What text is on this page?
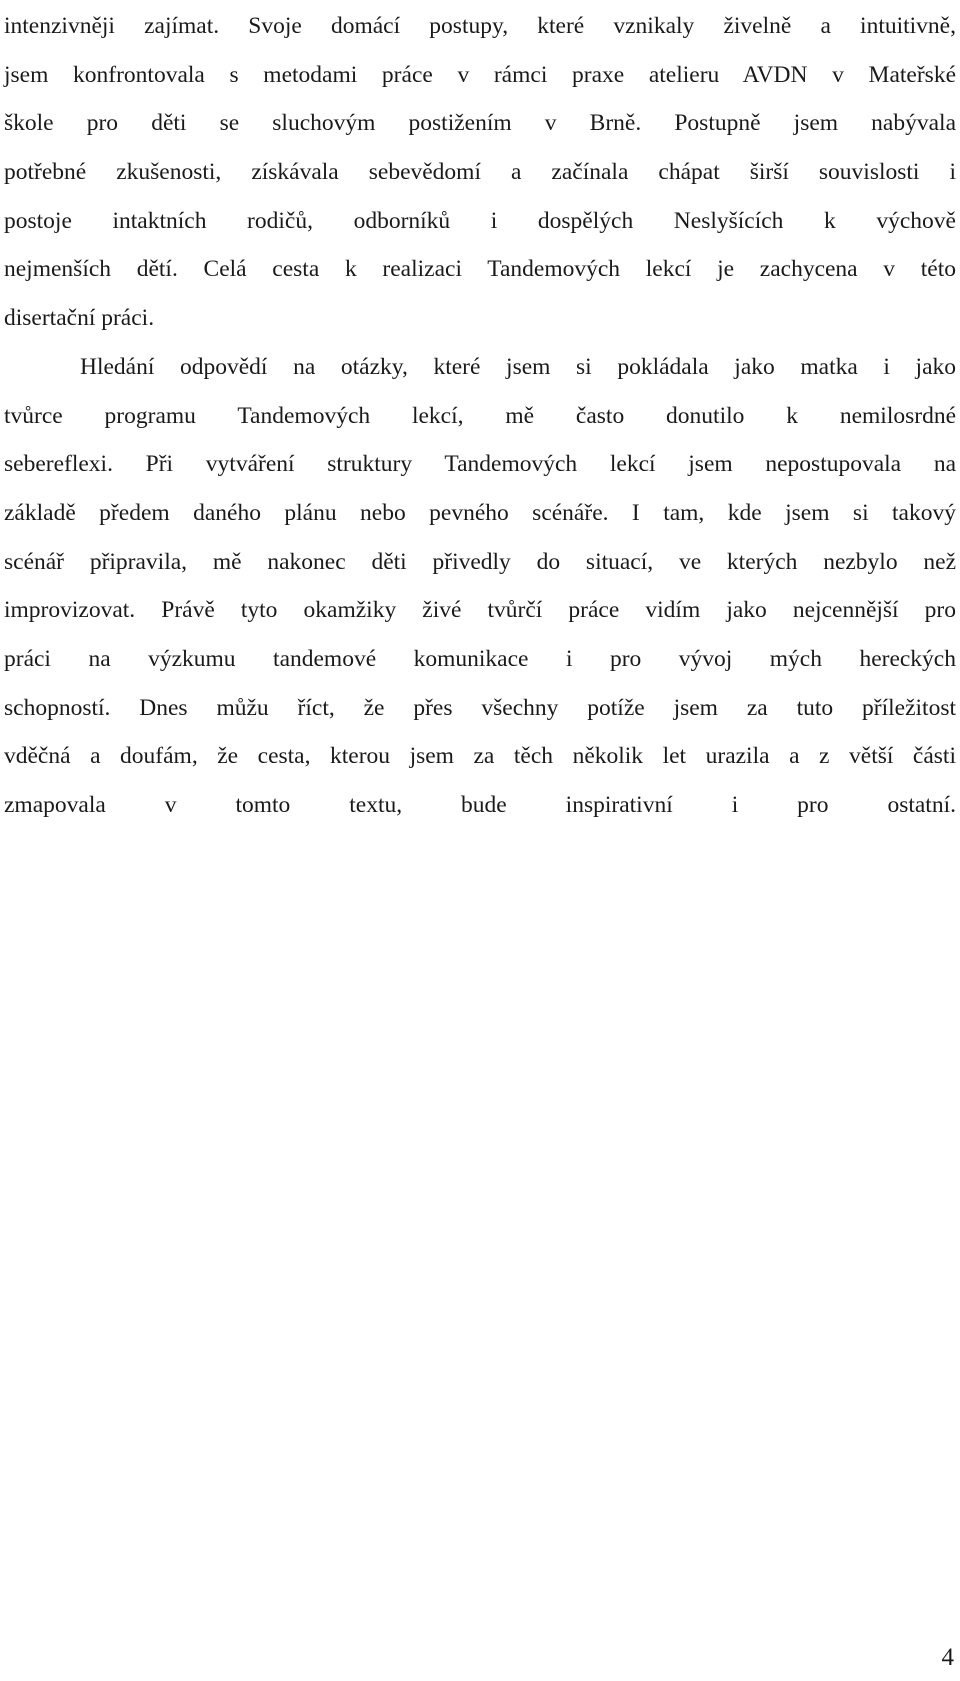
intenzivněji zajímat. Svoje domácí postupy, které vznikaly živelně a intuitivně,
jsem konfrontovala s metodami práce v rámci praxe atelieru AVDN v Mateřské
škole pro děti se sluchovým postižením v Brně. Postupně jsem nabývala
potřebné zkušenosti, získávala sebevědomí a začínala chápat širší souvislosti i
postoje intaktních rodičů, odborníků i dospělých Neslyšících k výchově
nejmenších dětí. Celá cesta k realizaci Tandemových lekcí je zachycena v této
disertační práci.
Hledání odpovědí na otázky, které jsem si pokládala jako matka i jako
tvůrce programu Tandemových lekcí, mě často donutilo k nemilosrdné
sebereflexi. Při vytváření struktury Tandemových lekcí jsem nepostupovala na
základě předem daného plánu nebo pevného scénáře. I tam, kde jsem si takový
scénář připravila, mě nakonec děti přivedly do situací, ve kterých nezbylo než
improvizovat. Právě tyto okamžiky živé tvůrčí práce vidím jako nejcennější pro
práci na výzkumu tandemové komunikace i pro vývoj mých hereckých
schopností. Dnes můžu říct, že přes všechny potíže jsem za tuto příležitost
vděčná a doufám, že cesta, kterou jsem za těch několik let urazila a z větší části
zmapovala v tomto textu, bude inspirativní i pro ostatní.
4
